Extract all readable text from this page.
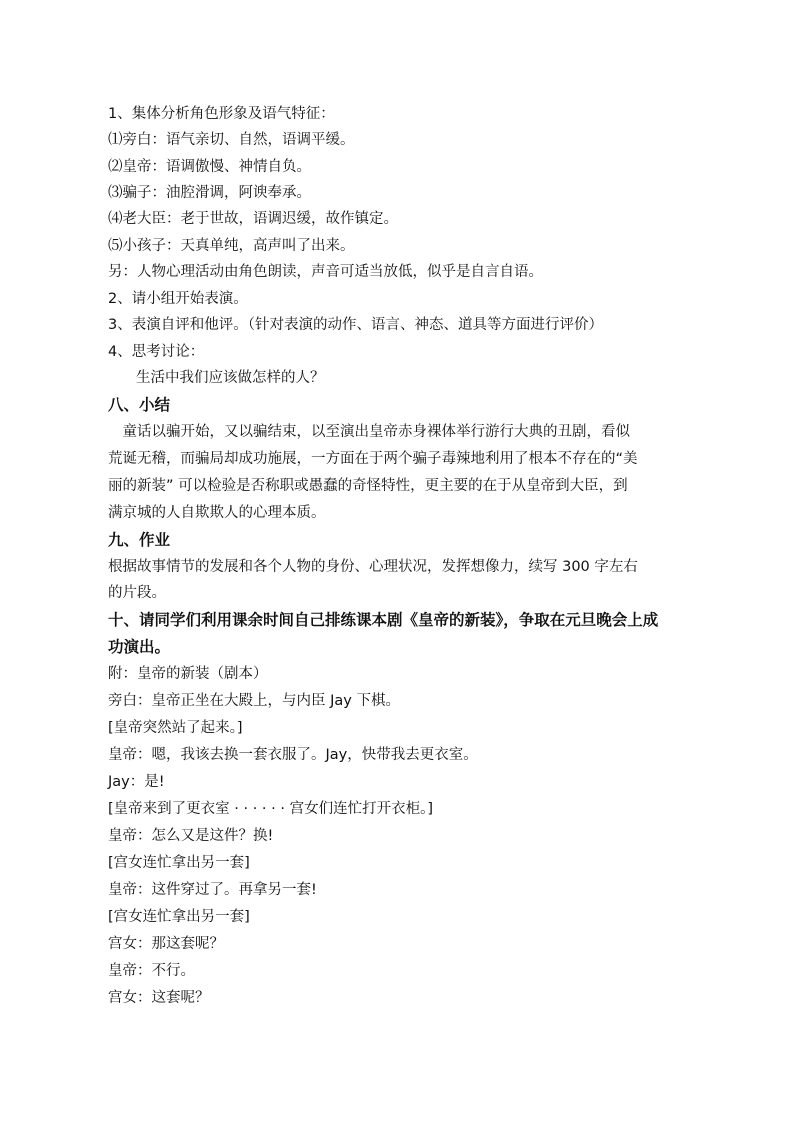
1、集体分析角色形象及语气特征：
⑴旁白：语气亲切、自然，语调平缓。
⑵皇帝：语调傲慢、神情自负。
⑶骗子：油腔滑调，阿谀奉承。
⑷老大臣：老于世故，语调迟缓，故作镇定。
⑸小孩子：天真单纯，高声叫了出来。
另：人物心理活动由角色朗读，声音可适当放低，似乎是自言自语。
2、请小组开始表演。
3、表演自评和他评。（针对表演的动作、语言、神态、道具等方面进行评价）
4、思考讨论：
生活中我们应该做怎样的人？
八、小结
　童话以骗开始，又以骗结束，以至演出皇帝赤身裸体举行游行大典的丑剧，看似
荒诞无稽，而骗局却成功施展，一方面在于两个骗子毒辣地利用了根本不存在的“美
丽的新装” 可以检验是否称职或愚蠢的奇怪特性，更主要的在于从皇帝到大臣，到
满京城的人自欺欺人的心理本质。
九、作业
根据故事情节的发展和各个人物的身份、心理状况，发挥想像力，续写 300 字左右
的片段。
十、请同学们利用课余时间自己排练课本剧《皇帝的新装》，争取在元旦晚会上成
功演出。
附：皇帝的新装（剧本）
旁白：皇帝正坐在大殿上，与内臣 Jay 下棋。
[皇帝突然站了起来。]
皇帝：嗯，我该去换一套衣服了。Jay，快带我去更衣室。
Jay：是!
[皇帝来到了更衣室 · · · · · · 宫女们连忙打开衣柜。]
皇帝：怎么又是这件？换!
[宫女连忙拿出另一套]
皇帝：这件穿过了。再拿另一套!
[宫女连忙拿出另一套]
宫女：那这套呢？
皇帝：不行。
宫女：这套呢？
